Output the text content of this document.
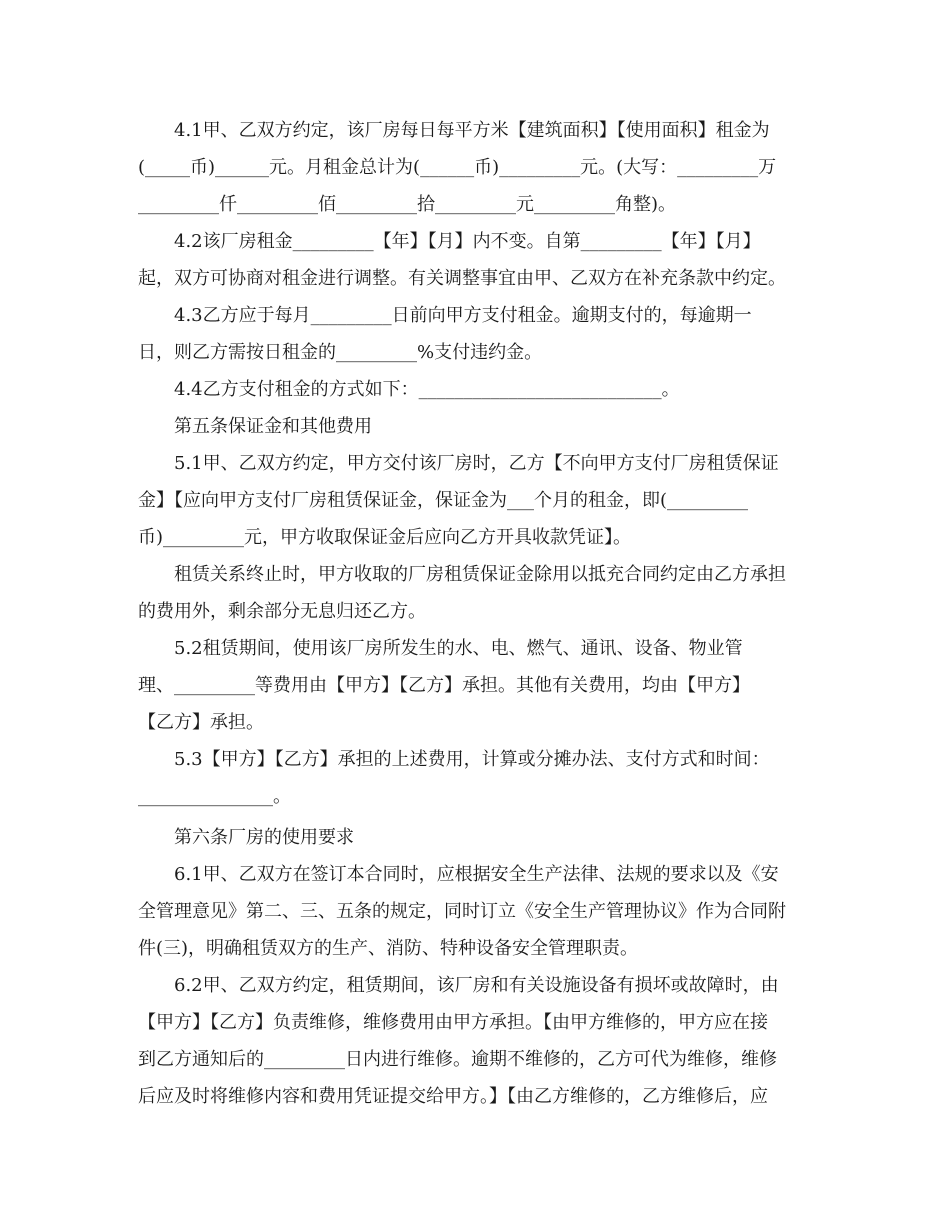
4.1甲、乙双方约定，该厂房每日每平方米【建筑面积】【使用面积】租金为
(_____币)______元。月租金总计为(______币)_________元。(大写：_________万
_________仟_________佰_________拾_________元_________角整)。
4.2该厂房租金_________【年】【月】内不变。自第_________【年】【月】
起，双方可协商对租金进行调整。有关调整事宜由甲、乙双方在补充条款中约定。
4.3乙方应于每月_________日前向甲方支付租金。逾期支付的，每逾期一
日，则乙方需按日租金的_________%支付违约金。
4.4乙方支付租金的方式如下：___________________________。
第五条保证金和其他费用
5.1甲、乙双方约定，甲方交付该厂房时，乙方【不向甲方支付厂房租赁保证
金】【应向甲方支付厂房租赁保证金，保证金为___个月的租金，即(_________
币)_________元，甲方收取保证金后应向乙方开具收款凭证】。
租赁关系终止时，甲方收取的厂房租赁保证金除用以抵充合同约定由乙方承担
的费用外，剩余部分无息归还乙方。
5.2租赁期间，使用该厂房所发生的水、电、燃气、通讯、设备、物业管
理、_________等费用由【甲方】【乙方】承担。其他有关费用，均由【甲方】
【乙方】承担。
5.3【甲方】【乙方】承担的上述费用，计算或分摊办法、支付方式和时间：
_______________。
第六条厂房的使用要求
6.1甲、乙双方在签订本合同时，应根据安全生产法律、法规的要求以及《安
全管理意见》第二、三、五条的规定，同时订立《安全生产管理协议》作为合同附
件(三)，明确租赁双方的生产、消防、特种设备安全管理职责。
6.2甲、乙双方约定，租赁期间，该厂房和有关设施设备有损坏或故障时，由
【甲方】【乙方】负责维修，维修费用由甲方承担。【由甲方维修的，甲方应在接
到乙方通知后的_________日内进行维修。逾期不维修的，乙方可代为维修，维修
后应及时将维修内容和费用凭证提交给甲方。】【由乙方维修的，乙方维修后，应
